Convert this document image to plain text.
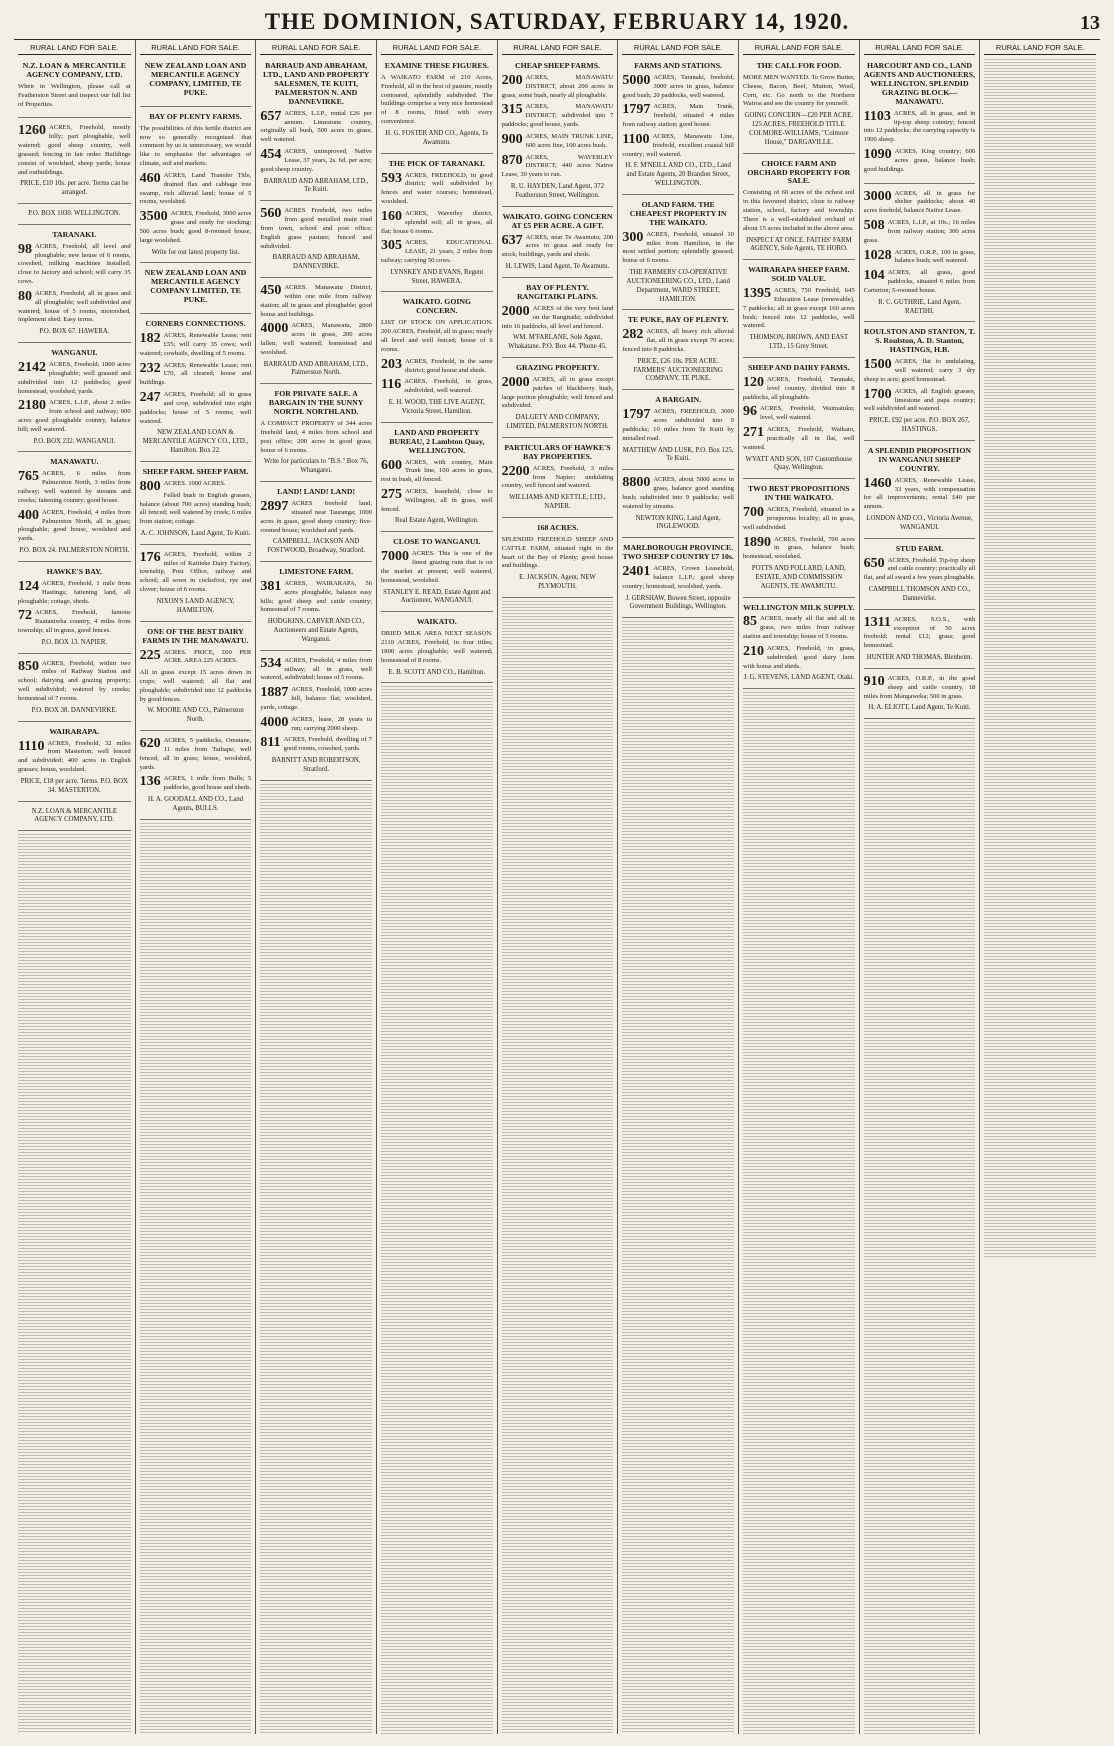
THE DOMINION, SATURDAY, FEBRUARY 14, 1920.	13
RURAL LAND FOR SALE.
N.Z. LOAN & MERCANTILE AGENCY COMPANY, LTD.
When in Wellington, please call at Featherston Street and inspect our full list of Properties.
1260 ACRES, Freehold, mostly hilly; part ploughable, well watered; good sheep country, well grassed; fencing in fair order. Buildings consist of woolshed, sheep yards; house and outbuildings.
PRICE, £10 10s. per acre. Terms can be arranged.
P.O. BOX 1030. WELLINGTON.
TARANAKI.
98 ACRES, Freehold, all level and ploughable; new house of 6 rooms, cowshed, milking machines installed; close to factory and school; will carry 35 cows.
80 ACRES, Freehold, all in grass and all ploughable; well subdivided and watered; house of 5 rooms, motorshed, implement shed. Easy terms.
P.O. BOX 67. HAWERA.
WANGANUI.
2142 ACRES, Freehold; 1800 acres ploughable; well grassed and subdivided into 12 paddocks; good homestead, woolshed, yards.
2180 ACRES, L.I.P., about 2 miles from school and railway; 600 acres good ploughable country, balance hill; well watered.
P.O. BOX 232. WANGANUI.
MANAWATU.
765 ACRES, 6 miles from Palmerston North, 3 miles from railway; well watered by streams and creeks; fattening country; good house.
400 ACRES, Freehold, 4 miles from Palmerston North, all in grass; ploughable; good house, woolshed and yards.
P.O. BOX 24. PALMERSTON NORTH.
HAWKE'S BAY.
124 ACRES, Freehold, 1 mile from Hastings; fattening land, all ploughable; cottage, sheds.
72 ACRES, Freehold, famous Ruataniwha country, 4 miles from township; all in grass, good fences.
P.O. BOX 13. NAPIER.
850 ACRES, Freehold, within two miles of Railway Station and school; dairying and grazing property; well subdivided; watered by creeks; homestead of 7 rooms.
P.O. BOX 38. DANNEVIRKE.
WAIRARAPA.
1110 ACRES, Freehold, 32 miles from Masterton; well fenced and subdivided; 400 acres in English grasses; house, woolshed.
PRICE, £18 per acre. Terms. P.O. BOX 34. MASTERTON.
N.Z. LOAN & MERCANTILE AGENCY COMPANY, LTD.
RURAL LAND FOR SALE.
NEW ZEALAND LOAN AND MERCANTILE AGENCY COMPANY, LIMITED, TE PUKE.
BAY OF PLENTY FARMS.
The possibilities of this fertile district are now so generally recognised that comment by us is unnecessary, we would like to emphasise the advantages of climate, soil and markets.
460 ACRES, Land Transfer Title, drained flax and cabbage tree swamp, rich alluvial land; house of 5 rooms, woolshed.
3500 ACRES, Freehold, 3000 acres grass and ready for stocking; 500 acres bush; good 8-roomed house, large woolshed.
Write for our latest property list.
NEW ZEALAND LOAN AND MERCANTILE AGENCY COMPANY LIMITED, TE PUKE.
CORNERS CONNECTIONS.
182 ACRES, Renewable Lease; rent £55; will carry 35 cows; well watered; cowbails, dwelling of 5 rooms.
232 ACRES, Renewable Lease; rent £70, all cleared; house and buildings.
247 ACRES, Freehold; all in grass and crop, subdivided into eight paddocks; house of 5 rooms; well watered.
NEW ZEALAND LOAN & MERCANTILE AGENCY CO., LTD., Hamilton. Box 22.
SHEEP FARM. SHEEP FARM.
800 ACRES. 1000 ACRES.
Felled bush in English grasses, balance (about 700 acres) standing bush; all fenced; well watered by creek; 6 miles from station; cottage.
A. C. JOHNSON, Land Agent, Te Kuiti.
176 ACRES, Freehold, within 2 miles of Kaitieke Dairy Factory, township, Post Office, railway and school; all sown in cocksfoot, rye and clover; house of 6 rooms.
NIXON'S LAND AGENCY, HAMILTON.
ONE OF THE BEST DAIRY FARMS IN THE MANAWATU.
225 ACRES. PRICE, £60 PER ACRE. AREA 225 ACRES.
All in grass except 15 acres down in crops; well watered; all flat and ploughable; subdivided into 12 paddocks by good fences.
W. MOORE AND CO., Palmerston North.
620 ACRES, 5 paddocks, Omatane, 11 miles from Taihape; well fenced, all in grass; house, woolshed, yards.
136 ACRES, 1 mile from Bulls; 5 paddocks, good house and sheds.
H. A. GOODALL AND CO., Land Agents, BULLS.
RURAL LAND FOR SALE.
BARRAUD AND ABRAHAM, LTD., LAND AND PROPERTY SALESMEN, TE KUITI, PALMERSTON N. AND DANNEVIRKE.
657 ACRES, L.I.P., rental £26 per annum. Limestone country, originally all bush, 500 acres in grass; well watered.
454 ACRES, unimproved, Native Lease, 37 years, 2s. 6d. per acre; good sheep country.
BARRAUD AND ABRAHAM, LTD., Te Kuiti.
560 ACRES Freehold, two miles from good metalled main road from town, school and post office; English grass pasture; fenced and subdivided.
BARRAUD AND ABRAHAM, DANNEVIRKE.
450 ACRES. Manawatu District, within one mile from railway station; all in grass and ploughable; good house and buildings.
4000 ACRES, Manawatu, 2800 acres in grass, 200 acres fallen, well watered; homestead and woolshed.
BARRAUD AND ABRAHAM, LTD., Palmerston North.
FOR PRIVATE SALE. A BARGAIN IN THE SUNNY NORTH. NORTHLAND.
A COMPACT PROPERTY of 344 acres freehold land, 4 miles from school and post office; 200 acres in good grass; house of 6 rooms.
Write for particulars to "B.S." Box 76, Whangarei.
LAND! LAND! LAND!
2897 ACRES freehold land, situated near Tauranga; 1000 acres in grass, good sheep country; five-roomed house; woolshed and yards.
CAMPBELL, JACKSON AND FOSTWOOD, Broadway, Stratford.
LIMESTONE FARM.
381 ACRES, WAIRARAPA, 56 acres ploughable, balance easy hills; good sheep and cattle country; homestead of 7 rooms.
HODGKINS, CARVER AND CO., Auctioneers and Estate Agents, Wanganui.
534 ACRES, Freehold, 4 miles from railway; all in grass, well watered, subdivided; house of 5 rooms.
1887 ACRES, Freehold, 1000 acres hill, balance flat; woolshed, yards, cottage.
4000 ACRES, lease, 28 years to run; carrying 2000 sheep.
811 ACRES, Freehold, dwelling of 7 good rooms, cowshed, yards.
BARNITT AND ROBERTSON, Stratford.
RURAL LAND FOR SALE.
EXAMINE THESE FIGURES.
A WAIKATO FARM of 210 Acres, Freehold, all in the best of pasture, mostly contoured, splendidly subdivided. The buildings comprise a very nice homestead of 8 rooms, fitted with every convenience.
H. G. FOSTER AND CO., Agents, Te Awamutu.
THE PICK OF TARANAKI.
593 ACRES, FREEHOLD, in good district; well subdivided by fences and water courses; homestead, woolshed.
160 ACRES, Waverley district, splendid soil; all in grass, all flat; house 6 rooms.
305 ACRES, EDUCATIONAL LEASE, 21 years, 2 miles from railway; carrying 50 cows.
LYNSKEY AND EVANS, Regent Street, HAWERA.
WAIKATO. GOING CONCERN.
LIST OF STOCK ON APPLICATION. 200 ACRES, Freehold, all in grass; nearly all level and well fenced; house of 6 rooms.
203 ACRES, Freehold, in the same district; good house and sheds.
116 ACRES, Freehold, in grass, subdivided, well watered.
E. H. WOOD, THE LIVE AGENT, Victoria Street, Hamilton.
LAND AND PROPERTY BUREAU, 2 Lambton Quay, WELLINGTON.
600 ACRES, with country, Main Trunk line, 100 acres in grass, rest in bush, all fenced.
275 ACRES, leasehold, close to Wellington, all in grass, well fenced.
Real Estate Agent, Wellington.
CLOSE TO WANGANUI.
7000 ACRES. This is one of the finest grazing runs that is on the market at present; well watered, homestead, woolshed.
STANLEY E. READ, Estate Agent and Auctioneer, WANGANUI.
WAIKATO.
DRIED MILK AREA NEXT SEASON. 2110 ACRES, Freehold, in four titles; 1800 acres ploughable; well watered; homestead of 8 rooms.
E. B. SCOTT AND CO., Hamilton.
RURAL LAND FOR SALE.
CHEAP SHEEP FARMS.
200 ACRES, MANAWATU DISTRICT, about 200 acres in grass, some bush, nearly all ploughable.
315 ACRES, MANAWATU DISTRICT; subdivided into 7 paddocks; good house, yards.
900 ACRES, MAIN TRUNK LINE, 600 acres fine, 100 acres bush.
870 ACRES, WAVERLEY DISTRICT; 440 acres Native Lease, 30 years to run.
R. U. HAYDEN, Land Agent, 372 Featherston Street, Wellington.
WAIKATO. GOING CONCERN AT £5 PER ACRE. A GIFT.
637 ACRES, near Te Awamutu; 200 acres in grass and ready for stock; buildings, yards and sheds.
H. LEWIS, Land Agent, Te Awamutu.
BAY OF PLENTY. RANGITAIKI PLAINS.
2000 ACRES of the very best land on the Rangitaiki; subdivided into 16 paddocks, all level and fenced.
WM. M'FARLANE, Sole Agent, Whakatane. P.O. Box 44. 'Phone 45.
GRAZING PROPERTY.
2000 ACRES, all in grass except patches of blackberry bush, large portion ploughable; well fenced and subdivided.
DALGETY AND COMPANY, LIMITED, PALMERSTON NORTH.
PARTICULARS OF HAWKE'S BAY PROPERTIES.
2200 ACRES, Freehold, 3 miles from Napier; undulating country, well fenced and watered.
WILLIAMS AND KETTLE, LTD., NAPIER.
168 ACRES.
SPLENDID FREEHOLD SHEEP AND CATTLE FARM, situated right in the heart of the Bay of Plenty; good house and buildings.
E. JACKSON, Agent, NEW PLYMOUTH.
RURAL LAND FOR SALE.
FARMS AND STATIONS.
5000 ACRES, Taranaki, freehold; 3000 acres in grass, balance good bush; 20 paddocks, well watered.
1797 ACRES, Main Trunk, freehold, situated 4 miles from railway station; good house.
1100 ACRES, Manawatu Line, freehold, excellent coastal hill country; well watered.
H. F. M'NEILL AND CO., LTD., Land and Estate Agents, 20 Brandon Street, WELLINGTON.
OLAND FARM. THE CHEAPEST PROPERTY IN THE WAIKATO.
300 ACRES, Freehold, situated 10 miles from Hamilton, in the most settled portion; splendidly grassed; house of 6 rooms.
THE FARMERS' CO-OPERATIVE AUCTIONEERING CO., LTD., Land Department, WARD STREET, HAMILTON.
TE PUKE, BAY OF PLENTY.
282 ACRES, all heavy rich alluvial flat, all in grass except 70 acres; fenced into 8 paddocks.
PRICE, £26 10s. PER ACRE. FARMERS' AUCTIONEERING COMPANY, TE PUKE.
A BARGAIN.
1797 ACRES, FREEHOLD, 3000 acres subdivided into 9 paddocks; 10 miles from Te Kuiti by metalled road.
MATTHEW AND LUSK, P.O. Box 125, Te Kuiti.
8800 ACRES, about 5000 acres in grass, balance good standing bush; subdivided into 9 paddocks; well watered by streams.
NEWTON KING, Land Agent, INGLEWOOD.
MARLBOROUGH PROVINCE. TWO SHEEP COUNTRY £7 10s.
2401 ACRES, Crown Leasehold, balance L.I.P.; good sheep country; homestead, woolshed, yards.
J. GERSHAW, Bowen Street, opposite Government Buildings, Wellington.
RURAL LAND FOR SALE.
THE CALL FOR FOOD.
MORE MEN WANTED. To Grow Butter, Cheese, Bacon, Beef, Mutton, Wool, Corn, etc. Go north to the Northern Wairoa and see the country for yourself.
GOING CONCERN—£20 PER ACRE. 125 ACRES, FREEHOLD TITLE. COLMORE-WILLIAMS, "Colmore House," DARGAVILLE.
CHOICE FARM AND ORCHARD PROPERTY FOR SALE.
Consisting of 60 acres of the richest soil in this favoured district, close to railway station, school, factory and township. There is a well-established orchard of about 15 acres included in the above area.
INSPECT AT ONCE. FAITHS' FARM AGENCY, Sole Agents, TE HORO.
WAIRARAPA SHEEP FARM. SOLID VALUE.
1395 ACRES, 750 Freehold, 645 Education Lease (renewable), 7 paddocks; all in grass except 160 acres bush; fenced into 12 paddocks, well watered.
THOMSON, BROWN, AND EAST LTD., 15 Grey Street.
SHEEP AND DAIRY FARMS.
120 ACRES, Freehold, Taranaki, level country, divided into 8 paddocks, all ploughable.
96 ACRES, Freehold, Waimatuku; level, well watered.
271 ACRES, Freehold, Waikato, practically all in flat, well watered.
WYATT AND SON, 107 Customhouse Quay, Wellington.
TWO BEST PROPOSITIONS IN THE WAIKATO.
700 ACRES, Freehold, situated in a prosperous locality; all in grass, well subdivided.
1890 ACRES, Freehold, 700 acres in grass, balance bush; homestead, woolshed.
POTTS AND POLLARD, LAND, ESTATE, AND COMMISSION AGENTS, TE AWAMUTU.
WELLINGTON MILK SUPPLY.
85 ACRES, nearly all flat and all in grass, two miles from railway station and township; house of 5 rooms.
210 ACRES, Freehold, in grass, subdivided; good dairy farm with house and sheds.
J. G. STEVENS, LAND AGENT, Otaki.
RURAL LAND FOR SALE.
HARCOURT AND CO., LAND AGENTS AND AUCTIONEERS, WELLINGTON. SPLENDID GRAZING BLOCK—MANAWATU.
1103 ACRES, all in grass, and in tip-top sheep country; fenced into 12 paddocks; the carrying capacity is 1900 sheep.
1090 ACRES, King country; 600 acres grass, balance bush; good buildings.
3000 ACRES, all in grass for shelter paddocks; about 40 acres freehold, balance Native Lease.
508 ACRES, L.I.P., at 10s.; 16 miles from railway station; 300 acres grass.
1028 ACRES, O.R.P., 100 in grass, balance bush; well watered.
104 ACRES, all grass, good paddocks, situated 6 miles from Carterton; 5-roomed house.
R. C. GUTHRIE, Land Agent, RAETIHI.
ROULSTON AND STANTON, T. S. Roulston, A. D. Stanton, HASTINGS, H.B.
1500 ACRES, flat to undulating, well watered; carry 3 dry sheep to acre; good homestead.
1700 ACRES, all English grasses, limestone and papa country; well subdivided and watered.
PRICE, £92 per acre. P.O. BOX 267, HASTINGS.
A SPLENDID PROPOSITION IN WANGANUI SHEEP COUNTRY.
1460 ACRES, Renewable Lease, 33 years, with compensation for all improvements; rental £40 per annum.
LONDON AND CO., Victoria Avenue, WANGANUI.
STUD FARM.
650 ACRES, Freehold. Tip-top sheep and cattle country; practically all flat, and all sward a few years ploughable.
CAMPBELL THOMSON AND CO., Dannevirke.
1311 ACRES, S.O.S., with exception of 50 acres freehold; rental £12; grass; good homestead.
HUNTER AND THOMAS, Blenheim.
910 ACRES, O.R.P., in the good sheep and cattle country, 18 miles from Mangaweka; 500 in grass.
H. A. ELIOTT, Land Agent, Te Kuiti.
RURAL LAND FOR SALE.
